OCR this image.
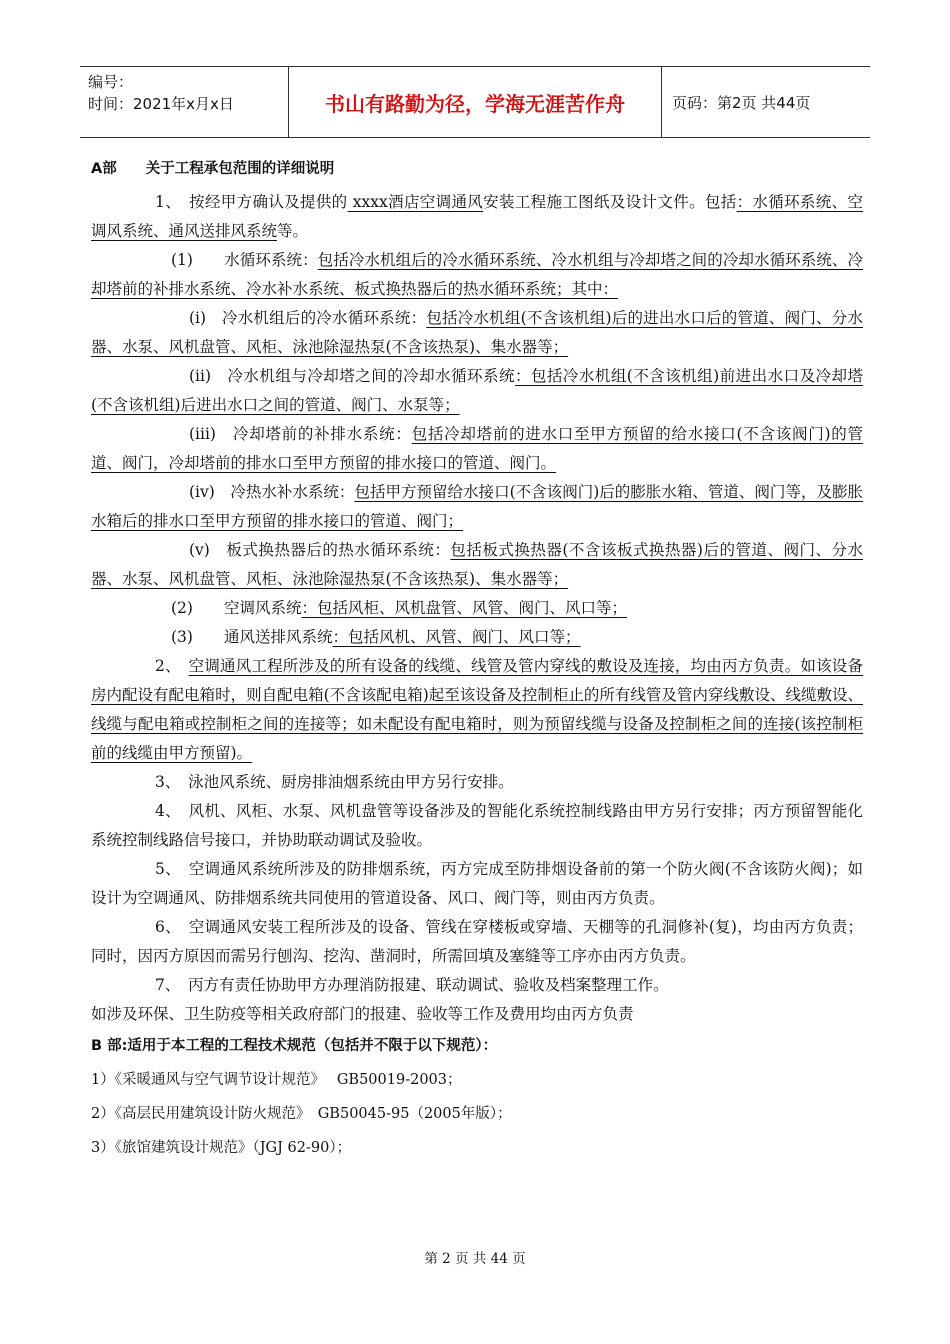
编号：
时间：2021年x月x日	书山有路勤为径，学海无涯苦作舟	页码：第2页 共44页
A部　　关于工程承包范围的详细说明

1、　按经甲方确认及提供的 xxxx酒店空调通风安装工程施工图纸及设计文件。包括：水循环系统、空调风系统、通风送排风系统等。

(1)　　水循环系统：包括冷水机组后的冷水循环系统、冷水机组与冷却塔之间的冷却水循环系统、冷却塔前的补排水系统、冷水补水系统、板式换热器后的热水循环系统；其中：

(i)　冷水机组后的冷水循环系统：包括冷水机组(不含该机组)后的进出水口后的管道、阀门、分水器、水泵、风机盘管、风柜、泳池除湿热泵(不含该热泵)、集水器等；

(ii)　冷水机组与冷却塔之间的冷却水循环系统：包括冷水机组(不含该机组)前进出水口及冷却塔(不含该机组)后进出水口之间的管道、阀门、水泵等；

(iii)　冷却塔前的补排水系统：包括冷却塔前的进水口至甲方预留的给水接口(不含该阀门)的管道、阀门，冷却塔前的排水口至甲方预留的排水接口的管道、阀门。

(iv)　冷热水补水系统：包括甲方预留给水接口(不含该阀门)后的膨胀水箱、管道、阀门等，及膨胀水箱后的排水口至甲方预留的排水接口的管道、阀门；

(v)　板式换热器后的热水循环系统：包括板式换热器(不含该板式换热器)后的管道、阀门、分水器、水泵、风机盘管、风柜、泳池除湿热泵(不含该热泵)、集水器等；

(2)　　空调风系统：包括风柜、风机盘管、风管、阀门、风口等；

(3)　　通风送排风系统：包括风机、风管、阀门、风口等；

2、　空调通风工程所涉及的所有设备的线缆、线管及管内穿线的敷设及连接，均由丙方负责。如该设备房内配设有配电箱时，则自配电箱(不含该配电箱)起至该设备及控制柜止的所有线管及管内穿线敷设、线缆敷设、线缆与配电箱或控制柜之间的连接等；如未配设有配电箱时，则为预留线缆与设备及控制柜之间的连接(该控制柜前的线缆由甲方预留)。

3、　泳池风系统、厨房排油烟系统由甲方另行安排。

4、　风机、风柜、水泵、风机盘管等设备涉及的智能化系统控制线路由甲方另行安排；丙方预留智能化系统控制线路信号接口，并协助联动调试及验收。

5、　空调通风系统所涉及的防排烟系统，丙方完成至防排烟设备前的第一个防火阀(不含该防火阀)；如设计为空调通风、防排烟系统共同使用的管道设备、风口、阀门等，则由丙方负责。

6、　空调通风安装工程所涉及的设备、管线在穿楼板或穿墙、天棚等的孔洞修补(复)，均由丙方负责；同时，因丙方原因而需另行刨沟、挖沟、凿洞时，所需回填及塞缝等工序亦由丙方负责。

7、　丙方有责任协助甲方办理消防报建、联动调试、验收及档案整理工作。

如涉及环保、卫生防疫等相关政府部门的报建、验收等工作及费用均由丙方负责

B 部:适用于本工程的工程技术规范（包括并不限于以下规范）：

1）《采暖通风与空气调节设计规范》　 GB50019-2003；

2）《高层民用建筑设计防火规范》　GB50045-95（2005年版）；

3）《旅馆建筑设计规范》（JGJ 62-90）；

第 2 页 共 44 页
